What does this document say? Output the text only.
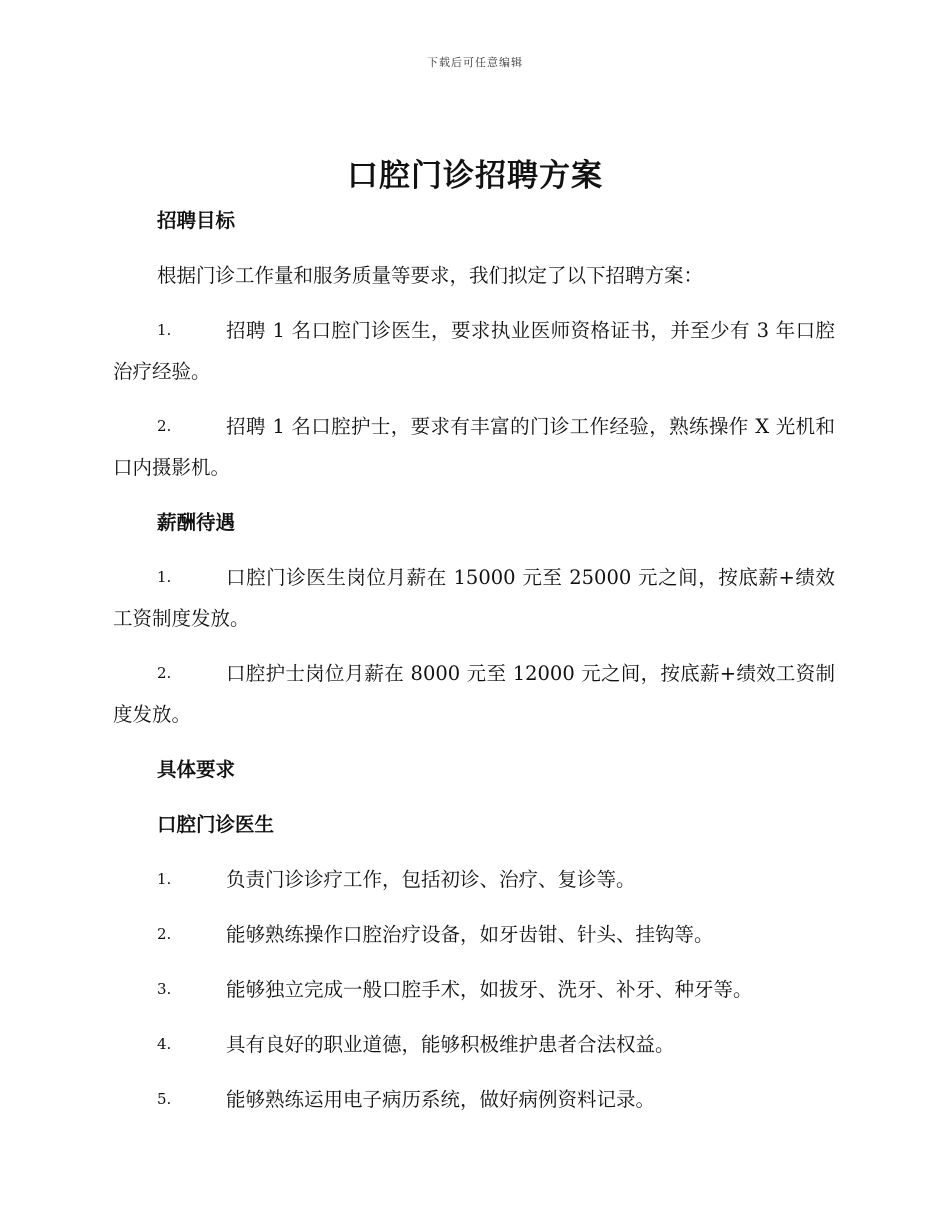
下载后可任意编辑
口腔门诊招聘方案
招聘目标

根据门诊工作量和服务质量等要求，我们拟定了以下招聘方案：

1.	招聘 1 名口腔门诊医生，要求执业医师资格证书，并至少有 3 年口腔治疗经验。

2.	招聘 1 名口腔护士，要求有丰富的门诊工作经验，熟练操作 X 光机和口内摄影机。

薪酬待遇

1.	口腔门诊医生岗位月薪在 15000 元至 25000 元之间，按底薪+绩效工资制度发放。

2.	口腔护士岗位月薪在 8000 元至 12000 元之间，按底薪+绩效工资制度发放。

具体要求
口腔门诊医生

1.	负责门诊诊疗工作，包括初诊、治疗、复诊等。

2.	能够熟练操作口腔治疗设备，如牙齿钳、针头、挂钩等。

3.	能够独立完成一般口腔手术，如拔牙、洗牙、补牙、种牙等。

4.	具有良好的职业道德，能够积极维护患者合法权益。

5.	能够熟练运用电子病历系统，做好病例资料记录。
